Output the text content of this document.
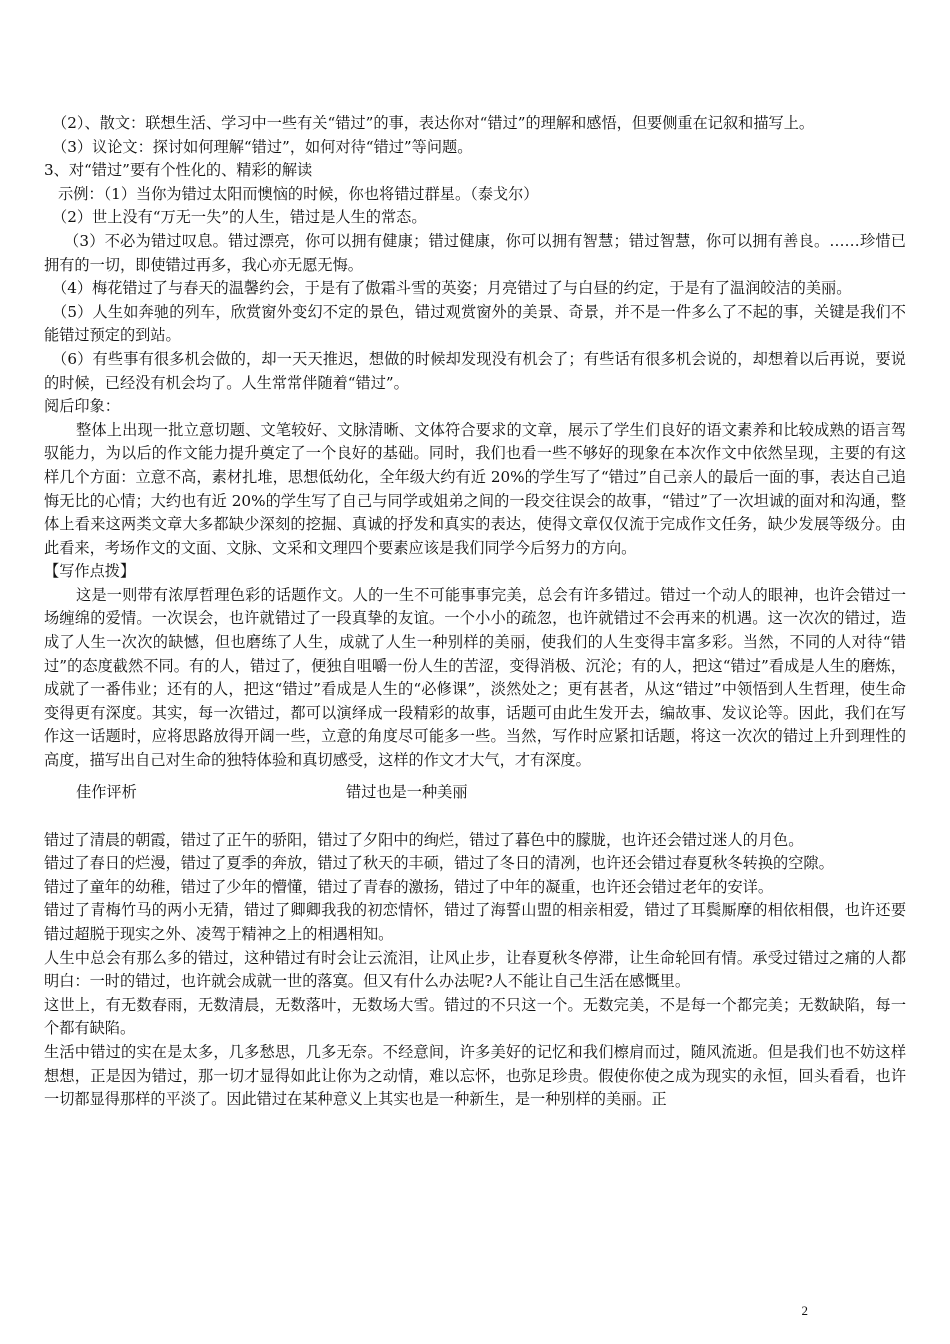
（2）、散文：联想生活、学习中一些有关“错过”的事，表达你对“错过”的理解和感悟，但要侧重在记叙和描写上。

（3）议论文：探讨如何理解“错过”，如何对待“错过”等问题。

3、对“错过”要有个性化的、精彩的解读

示例：（1）当你为错过太阳而懊恼的时候，你也将错过群星。（泰戈尔）

（2）世上没有“万无一失”的人生，错过是人生的常态。

（3）不必为错过叹息。错过漂亮，你可以拥有健康；错过健康，你可以拥有智慧；错过智慧，你可以拥有善良。……珍惜已拥有的一切，即使错过再多，我心亦无愿无悔。

（4）梅花错过了与春天的温馨约会，于是有了傲霜斗雪的英姿；月亮错过了与白昼的约定，于是有了温润皎洁的美丽。

（5）人生如奔驰的列车，欣赏窗外变幻不定的景色，错过观赏窗外的美景、奇景，并不是一件多么了不起的事，关键是我们不能错过预定的到站。

（6）有些事有很多机会做的，却一天天推迟，想做的时候却发现没有机会了；有些话有很多机会说的，却想着以后再说，要说的时候，已经没有机会均了。人生常常伴随着“错过”。

阅后印象：

整体上出现一批立意切题、文笔较好、文脉清晰、文体符合要求的文章，展示了学生们良好的语文素养和比较成熟的语言驾驭能力，为以后的作文能力提升奠定了一个良好的基础。同时，我们也看一些不够好的现象在本次作文中依然呈现，主要的有这样几个方面：立意不高，素材扎堆，思想低幼化，全年级大约有近 20%的学生写了“错过”自己亲人的最后一面的事，表达自己追悔无比的心情；大约也有近 20%的学生写了自己与同学或姐弟之间的一段交往误会的故事，“错过”了一次坦诚的面对和沟通，整体上看来这两类文章大多都缺少深刻的挖掘、真诚的抒发和真实的表达，使得文章仅仅流于完成作文任务，缺少发展等级分。由此看来，考场作文的文面、文脉、文采和文理四个要素应该是我们同学今后努力的方向。

【写作点拨】

这是一则带有浓厚哲理色彩的话题作文。人的一生不可能事事完美，总会有许多错过。错过一个动人的眼神，也许会错过一场缠绵的爱情。一次误会，也许就错过了一段真挚的友谊。一个小小的疏忽，也许就错过不会再来的机遇。这一次次的错过，造成了人生一次次的缺憾，但也磨练了人生，成就了人生一种别样的美丽，使我们的人生变得丰富多彩。当然，不同的人对待“错过”的态度截然不同。有的人，错过了，便独自咀嚼一份人生的苦涩，变得消极、沉沦；有的人，把这“错过”看成是人生的磨炼，成就了一番伟业；还有的人，把这“错过”看成是人生的“必修课”，淡然处之；更有甚者，从这“错过”中领悟到人生哲理，使生命变得更有深度。其实，每一次错过，都可以演绎成一段精彩的故事，话题可由此生发开去，编故事、发议论等。因此，我们在写作这一话题时，应将思路放得开阔一些，立意的角度尽可能多一些。当然，写作时应紧扣话题，将这一次次的错过上升到理性的高度，描写出自己对生命的独特体验和真切感受，这样的作文才大气，才有深度。

佳作评析	错过也是一种美丽

错过了清晨的朝霞，错过了正午的骄阳，错过了夕阳中的绚烂，错过了暮色中的朦胧，也许还会错过迷人的月色。

错过了春日的烂漫，错过了夏季的奔放，错过了秋天的丰硕，错过了冬日的清冽，也许还会错过春夏秋冬转换的空隙。

错过了童年的幼稚，错过了少年的懵懂，错过了青春的激扬，错过了中年的凝重，也许还会错过老年的安详。

错过了青梅竹马的两小无猜，错过了卿卿我我的初恋情怀，错过了海誓山盟的相亲相爱，错过了耳鬓厮摩的相依相偎，也许还要错过超脱于现实之外、凌驾于精神之上的相遇相知。

人生中总会有那么多的错过，这种错过有时会让云流泪，让风止步，让春夏秋冬停滞，让生命轮回有情。承受过错过之痛的人都明白：一时的错过，也许就会成就一世的落寞。但又有什么办法呢?人不能让自己生活在感慨里。

这世上，有无数春雨，无数清晨，无数落叶，无数场大雪。错过的不只这一个。无数完美，不是每一个都完美；无数缺陷，每一个都有缺陷。

生活中错过的实在是太多，几多愁思，几多无奈。不经意间，许多美好的记忆和我们檫肩而过，随风流逝。但是我们也不妨这样想想，正是因为错过，那一切才显得如此让你为之动情，难以忘怀，也弥足珍贵。假使你使之成为现实的永恒，回头看看，也许一切都显得那样的平淡了。因此错过在某种意义上其实也是一种新生，是一种别样的美丽。正

2
